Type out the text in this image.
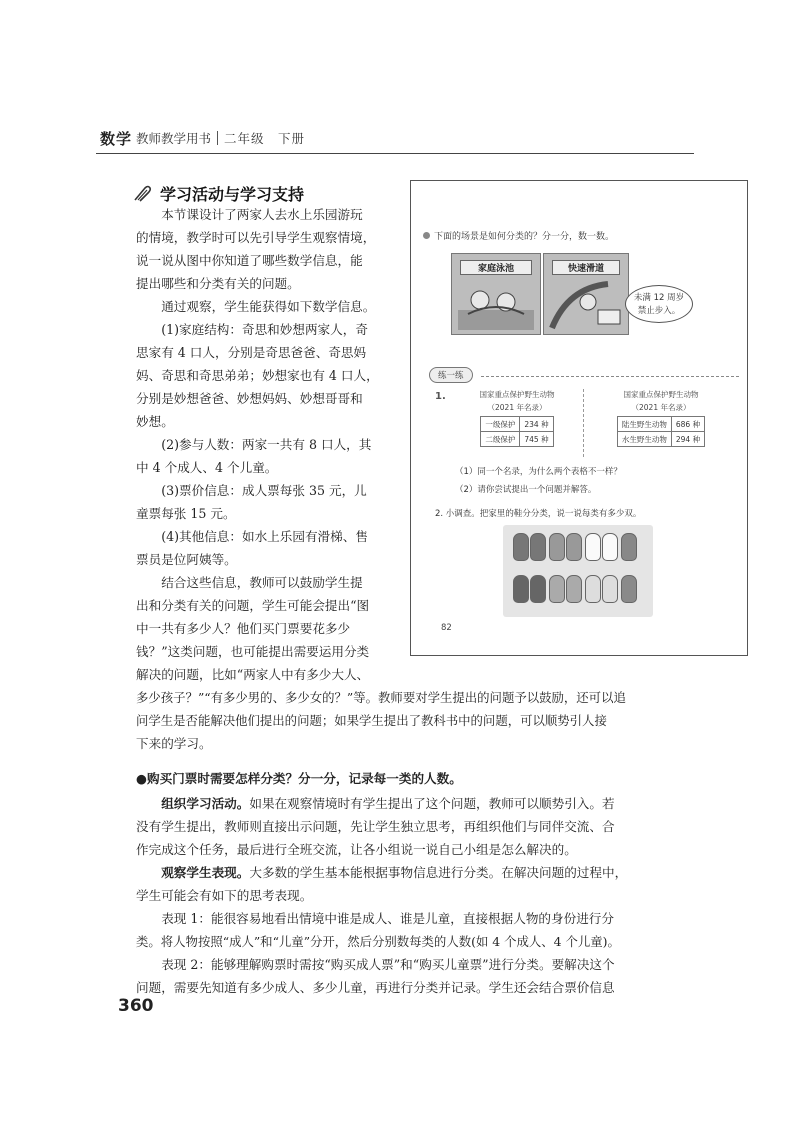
数学 教师教学用书 二年级　下册
学习活动与学习支持
　　本节课设计了两家人去水上乐园游玩
的情境，教学时可以先引导学生观察情境，
说一说从图中你知道了哪些数学信息，能
提出哪些和分类有关的问题。
　　通过观察，学生能获得如下数学信息。
　　(1)家庭结构：奇思和妙想两家人，奇
思家有 4 口人，分别是奇思爸爸、奇思妈
妈、奇思和奇思弟弟；妙想家也有 4 口人，
分别是妙想爸爸、妙想妈妈、妙想哥哥和
妙想。
　　(2)参与人数：两家一共有 8 口人，其
中 4 个成人、4 个儿童。
　　(3)票价信息：成人票每张 35 元，儿
童票每张 15 元。
　　(4)其他信息：如水上乐园有滑梯、售
票员是位阿姨等。
　　结合这些信息，教师可以鼓励学生提
出和分类有关的问题，学生可能会提出“图
中一共有多少人？他们买门票要花多少
钱？”这类问题，也可能提出需要运用分类
解决的问题，比如“两家人中有多少大人、
多少孩子？”“有多少男的、多少女的？”等。教师要对学生提出的问题予以鼓励，还可以追
问学生是否能解决他们提出的问题；如果学生提出了教科书中的问题，可以顺势引人接
下来的学习。
●购买门票时需要怎样分类？分一分，记录每一类的人数。
　　组织学习活动。如果在观察情境时有学生提出了这个问题，教师可以顺势引入。若
没有学生提出，教师则直接出示问题，先让学生独立思考，再组织他们与同伴交流、合
作完成这个任务，最后进行全班交流，让各小组说一说自己小组是怎么解决的。
　　观察学生表现。大多数的学生基本能根据事物信息进行分类。在解决问题的过程中，
学生可能会有如下的思考表现。
　　表现 1：能很容易地看出情境中谁是成人、谁是儿童，直接根据人物的身份进行分
类。将人物按照“成人”和“儿童”分开，然后分别数每类的人数(如 4 个成人、4 个儿童)。
　　表现 2：能够理解购票时需按“购买成人票”和“购买儿童票”进行分类。要解决这个
问题，需要先知道有多少成人、多少儿童，再进行分类并记录。学生还会结合票价信息
360
下面的场景是如何分类的？分一分，数一数。
家庭泳池	快速滑道
未满 12 周岁
禁止步入。
练一练
1.	国家重点保护野生动物
（2021 年名录）
一级保护	234 种
二级保护	745 种
国家重点保护野生动物
（2021 年名录）
陆生野生动物	686 种
水生野生动物	294 种
（1）同一个名录，为什么两个表格不一样？
（2）请你尝试提出一个问题并解答。
2. 小调查。把家里的鞋分分类，说一说每类有多少双。
82
